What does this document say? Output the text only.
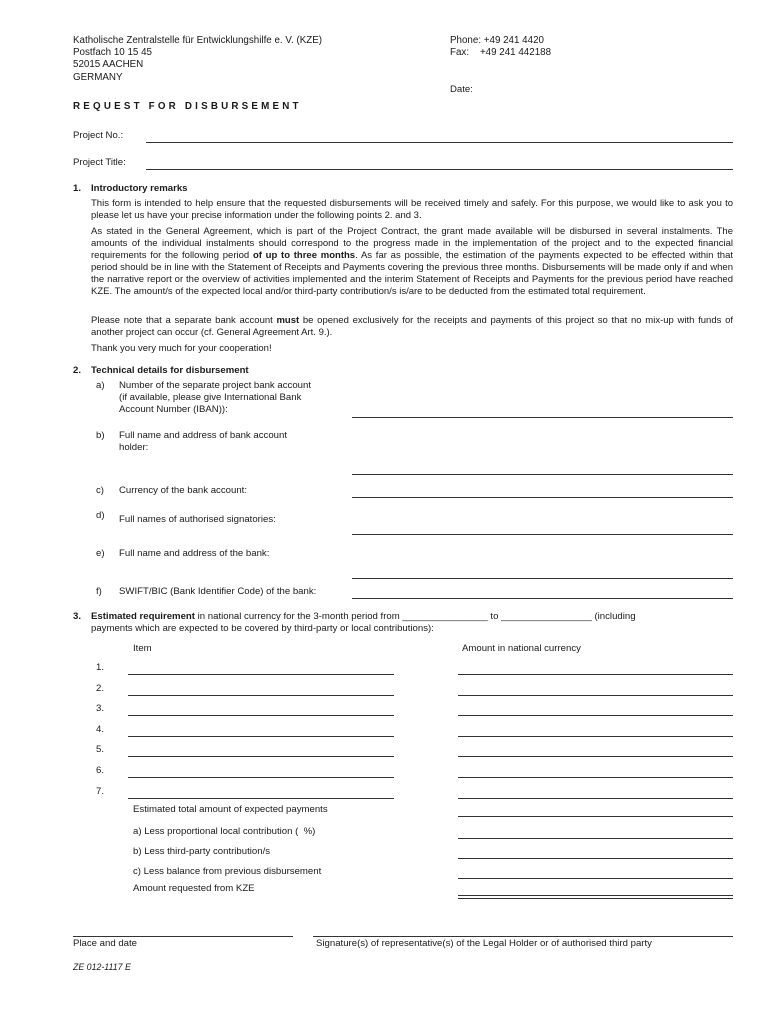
Katholische Zentralstelle für Entwicklungshilfe e. V. (KZE)
Postfach 10 15 45
52015 AACHEN
GERMANY
Phone: +49 241 4420
Fax:    +49 241 442188
Date:
REQUEST FOR DISBURSEMENT
Project No.:
Project Title:
1. Introductory remarks
This form is intended to help ensure that the requested disbursements will be received timely and safely. For this purpose, we would like to ask you to please let us have your precise information under the following points 2. and 3.
As stated in the General Agreement, which is part of the Project Contract, the grant made available will be disbursed in several instalments. The amounts of the individual instalments should correspond to the progress made in the implementation of the project and to the expected financial requirements for the following period of up to three months. As far as possible, the estimation of the payments expected to be effected within that period should be in line with the Statement of Receipts and Payments covering the previous three months. Disbursements will be made only if and when the narrative report or the overview of activities implemented and the interim Statement of Receipts and Payments for the previous period have reached KZE. The amount/s of the expected local and/or third-party contribution/s is/are to be deducted from the estimated total requirement.
Please note that a separate bank account must be opened exclusively for the receipts and payments of this project so that no mix-up with funds of another project can occur (cf. General Agreement Art. 9.).
Thank you very much for your cooperation!
2. Technical details for disbursement
a) Number of the separate project bank account
(if available, please give International Bank
Account Number (IBAN)):
b) Full name and address of bank account
holder:
c) Currency of the bank account:
d) Full names of authorised signatories:
e) Full name and address of the bank:
f) SWIFT/BIC (Bank Identifier Code) of the bank:
3. Estimated requirement in national currency for the 3-month period from ________________ to _________________ (including
payments which are expected to be covered by third-party or local contributions):
Item	Amount in national currency
1.
2.
3.
4.
5.
6.
7.
Estimated total amount of expected payments
a) Less proportional local contribution (  %)
b) Less third-party contribution/s
c) Less balance from previous disbursement
Amount requested from KZE
Place and date	Signature(s) of representative(s) of the Legal Holder or of authorised third party
ZE 012-1117 E
